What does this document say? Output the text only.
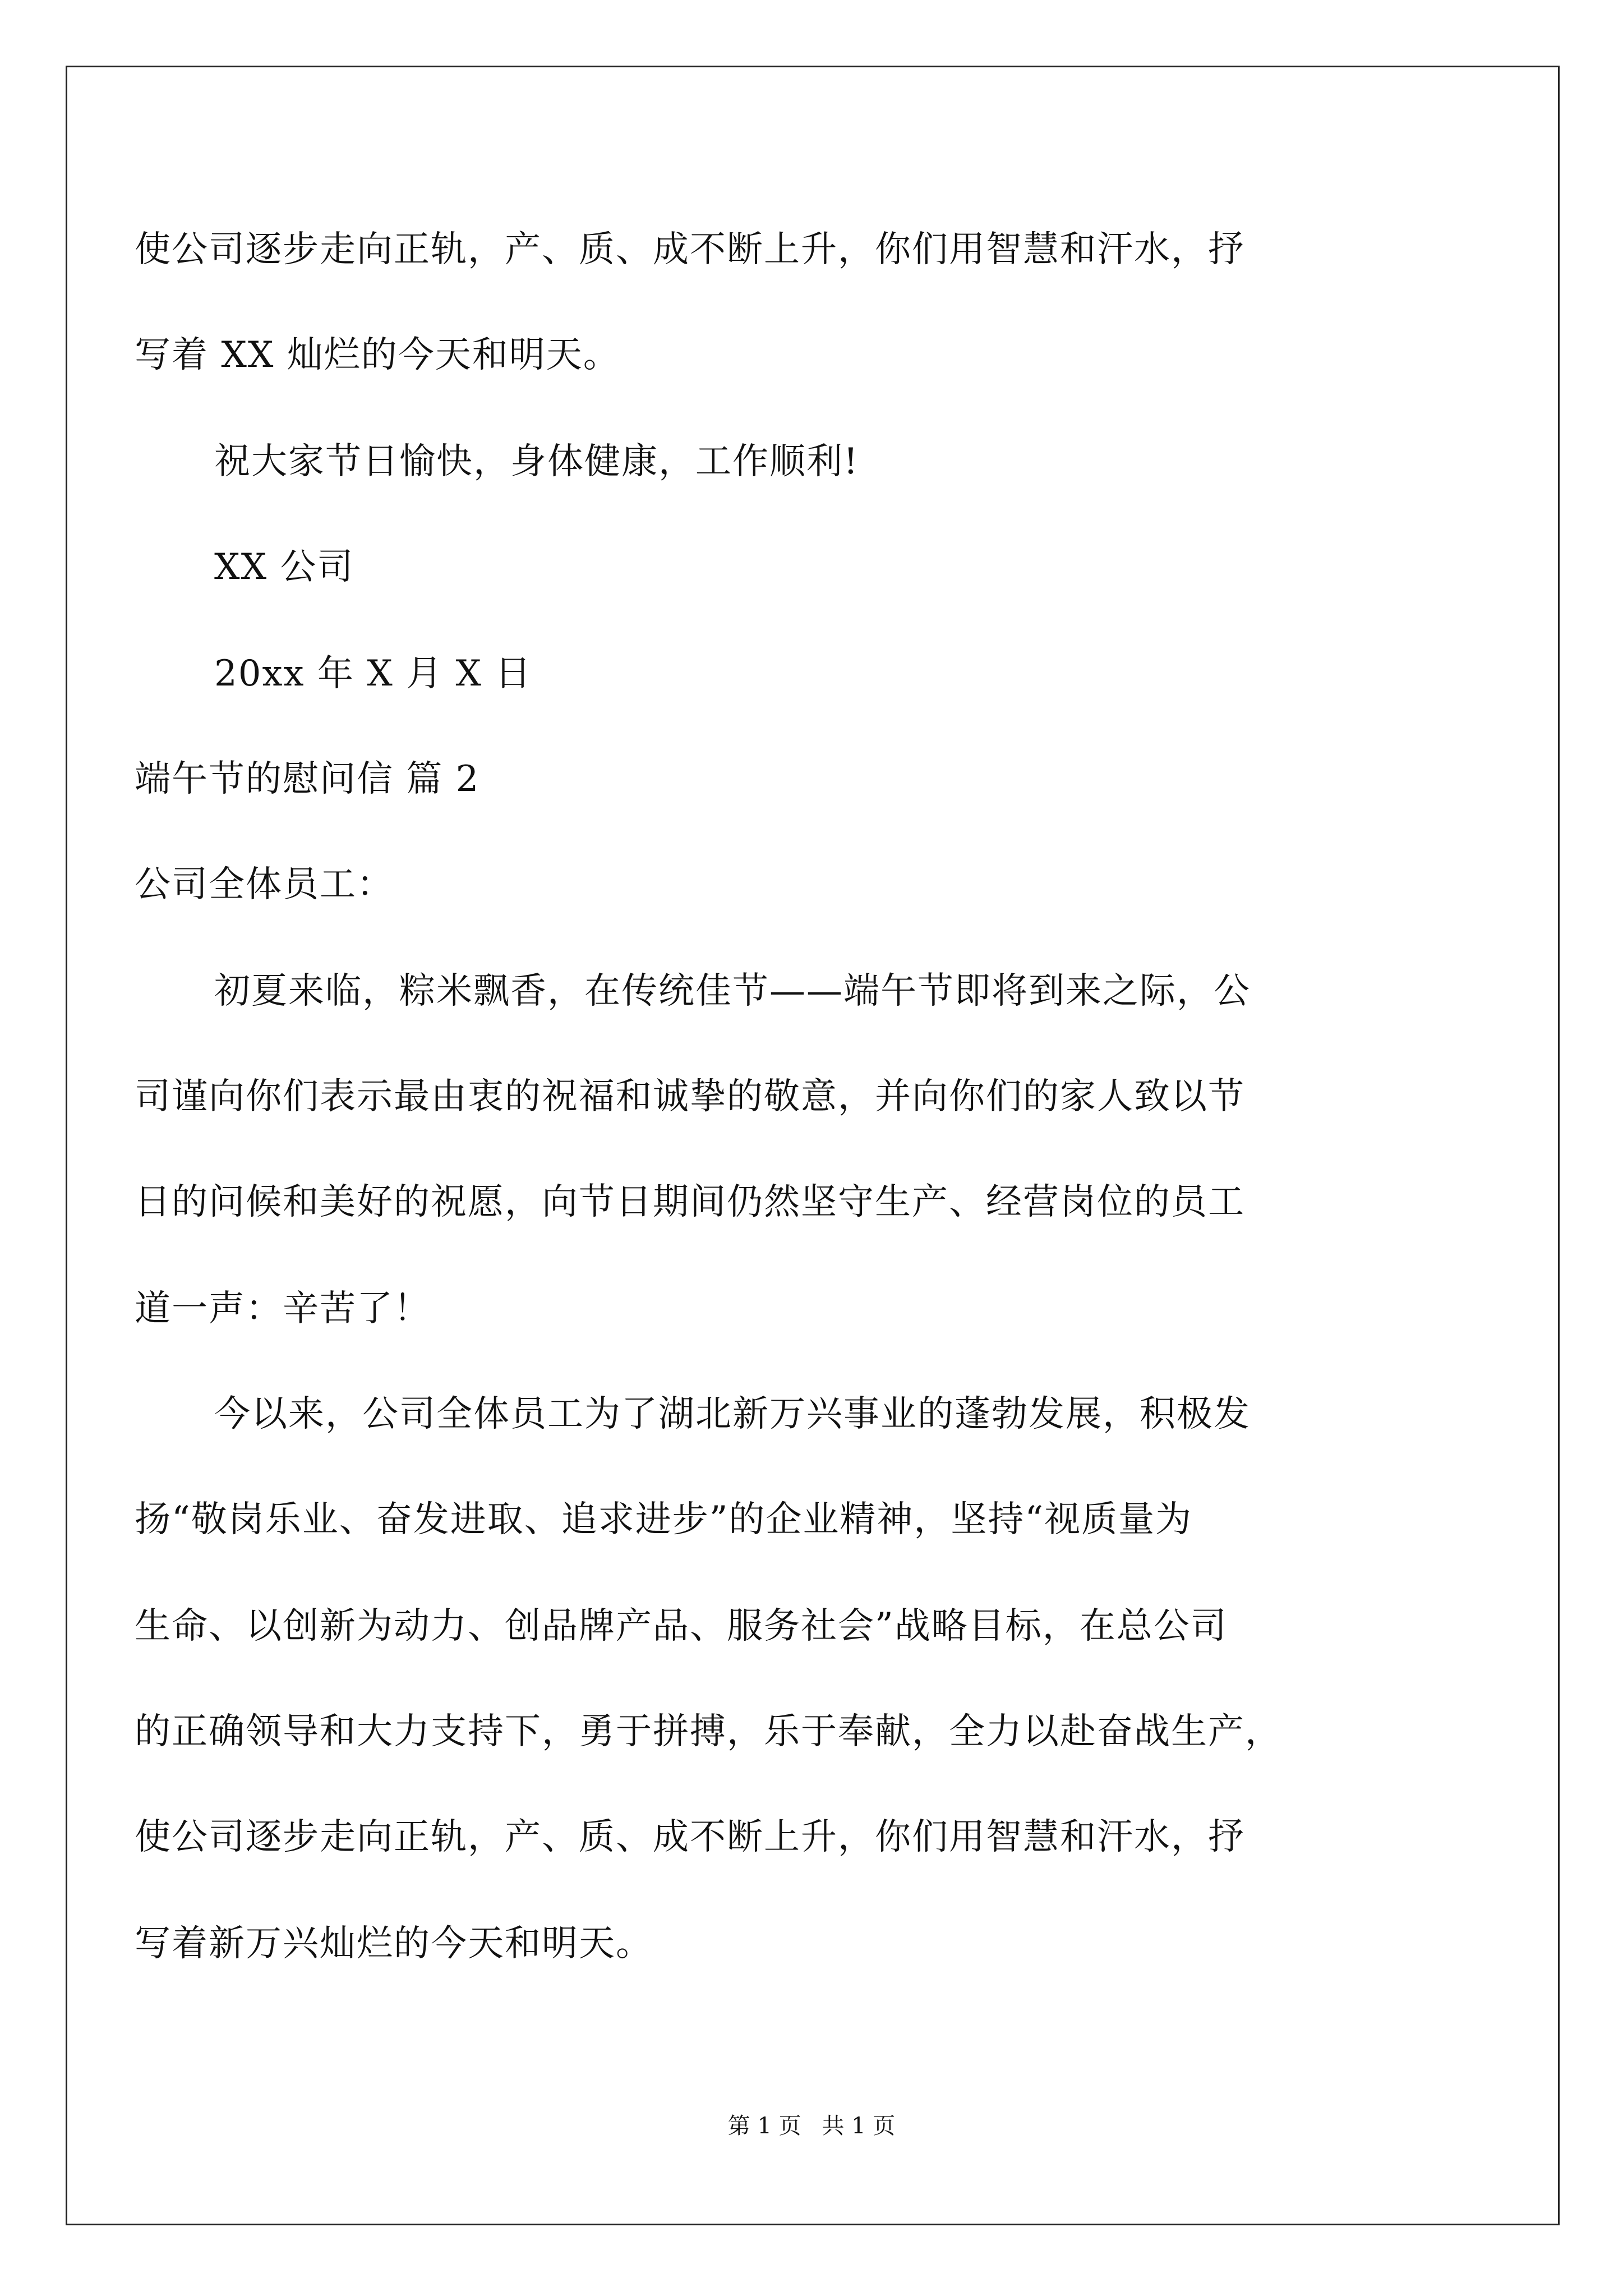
使公司逐步走向正轨，产、质、成不断上升，你们用智慧和汗水，抒
写着 XX 灿烂的今天和明天。
祝大家节日愉快，身体健康，工作顺利!
XX 公司
20xx 年 X 月 X 日
端午节的慰问信 篇 2
公司全体员工：
初夏来临，粽米飘香，在传统佳节——端午节即将到来之际，公
司谨向你们表示最由衷的祝福和诚挚的敬意，并向你们的家人致以节
日的问候和美好的祝愿，向节日期间仍然坚守生产、经营岗位的员工
道一声：辛苦了！
今以来，公司全体员工为了湖北新万兴事业的蓬勃发展，积极发
扬“敬岗乐业、奋发进取、追求进步”的企业精神，坚持“视质量为
生命、以创新为动力、创品牌产品、服务社会”战略目标，在总公司
的正确领导和大力支持下，勇于拼搏，乐于奉献，全力以赴奋战生产，
使公司逐步走向正轨，产、质、成不断上升，你们用智慧和汗水，抒
写着新万兴灿烂的今天和明天。
第 1 页 共 1 页
